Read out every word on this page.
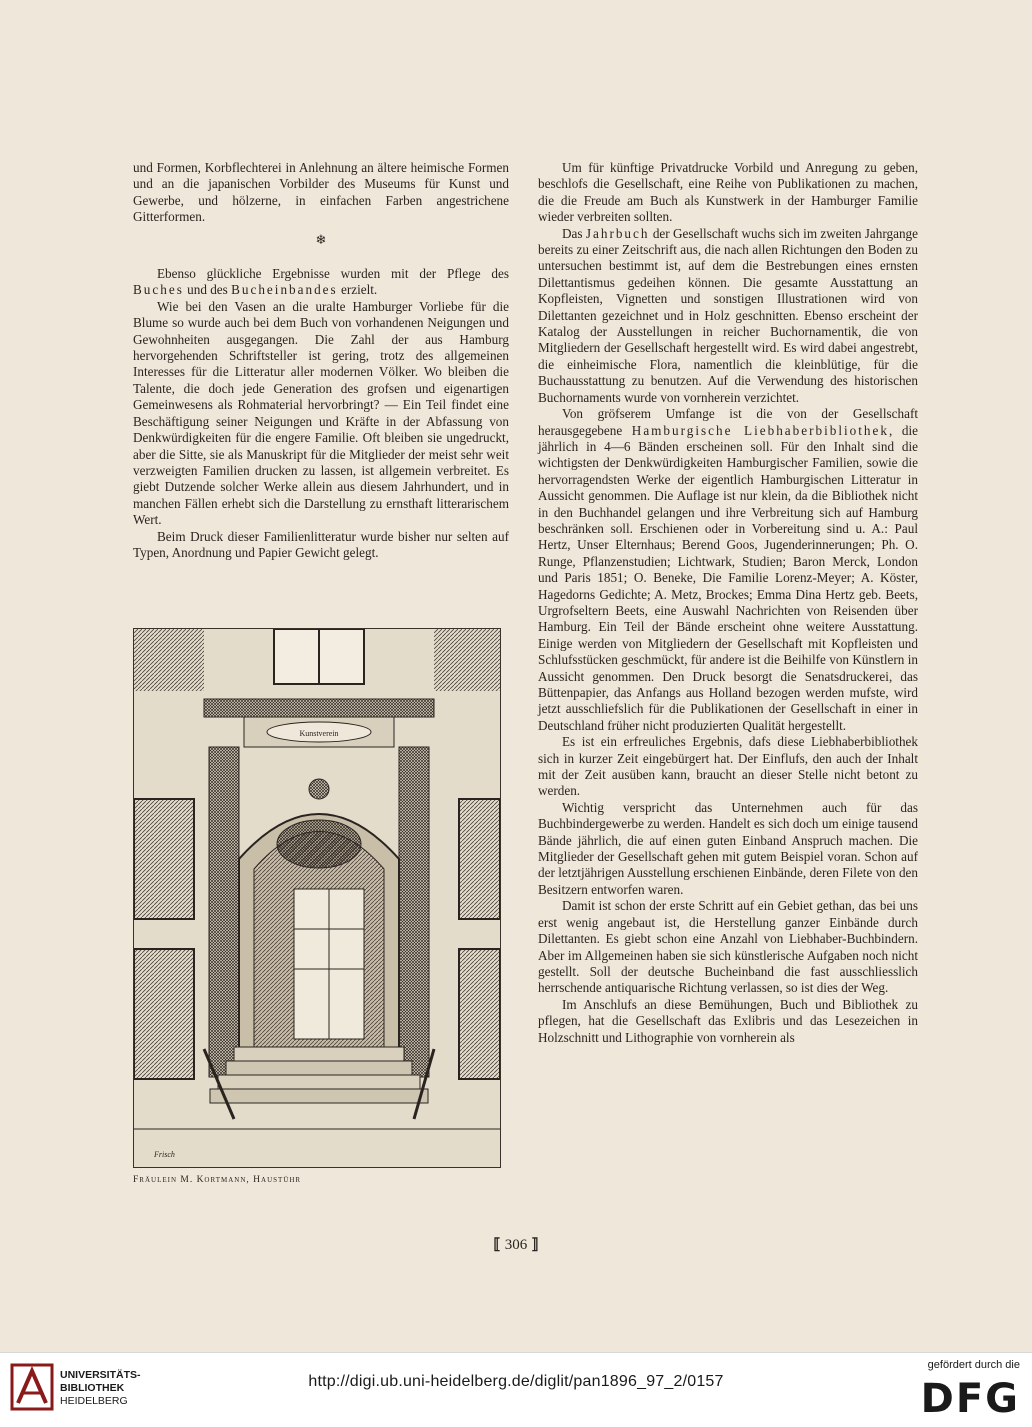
und Formen, Korbflechterei in Anlehnung an ältere heimische Formen und an die japanischen Vorbilder des Museums für Kunst und Gewerbe, und hölzerne, in einfachen Farben angestrichene Gitterformen.

❄

Ebenso glückliche Ergebnisse wurden mit der Pflege des Buches und des Bucheinbandes erzielt.

Wie bei den Vasen an die uralte Hamburger Vorliebe für die Blume so wurde auch bei dem Buch von vorhandenen Neigungen und Gewohnheiten ausgegangen. Die Zahl der aus Hamburg hervorgehenden Schriftsteller ist gering, trotz des allgemeinen Interesses für die Litteratur aller modernen Völker. Wo bleiben die Talente, die doch jede Generation des grofsen und eigenartigen Gemeinwesens als Rohmaterial hervorbringt? — Ein Teil findet eine Beschäftigung seiner Neigungen und Kräfte in der Abfassung von Denkwürdigkeiten für die engere Familie. Oft bleiben sie ungedruckt, aber die Sitte, sie als Manuskript für die Mitglieder der meist sehr weit verzweigten Familien drucken zu lassen, ist allgemein verbreitet. Es giebt Dutzende solcher Werke allein aus diesem Jahrhundert, und in manchen Fällen erhebt sich die Darstellung zu ernsthaft litterarischem Wert.

Beim Druck dieser Familienlitteratur wurde bisher nur selten auf Typen, Anordnung und Papier Gewicht gelegt.

Kunstverein
Frisch
Fräulein M. Kortmann, Haustühr

Um für künftige Privatdrucke Vorbild und Anregung zu geben, beschlofs die Gesellschaft, eine Reihe von Publikationen zu machen, die die Freude am Buch als Kunstwerk in der Hamburger Familie wieder verbreiten sollten.

Das Jahrbuch der Gesellschaft wuchs sich im zweiten Jahrgange bereits zu einer Zeitschrift aus, die nach allen Richtungen den Boden zu untersuchen bestimmt ist, auf dem die Bestrebungen eines ernsten Dilettantismus gedeihen können. Die gesamte Ausstattung an Kopfleisten, Vignetten und sonstigen Illustrationen wird von Dilettanten gezeichnet und in Holz geschnitten. Ebenso erscheint der Katalog der Ausstellungen in reicher Buchornamentik, die von Mitgliedern der Gesellschaft hergestellt wird. Es wird dabei angestrebt, die einheimische Flora, namentlich die kleinblütige, für die Buchausstattung zu benutzen. Auf die Verwendung des historischen Buchornaments wurde von vornherein verzichtet.

Von gröfserem Umfange ist die von der Gesellschaft herausgegebene Hamburgische Liebhaberbibliothek, die jährlich in 4—6 Bänden erscheinen soll. Für den Inhalt sind die wichtigsten der Denkwürdigkeiten Hamburgischer Familien, sowie die hervorragendsten Werke der eigentlich Hamburgischen Litteratur in Aussicht genommen. Die Auflage ist nur klein, da die Bibliothek nicht in den Buchhandel gelangen und ihre Verbreitung sich auf Hamburg beschränken soll. Erschienen oder in Vorbereitung sind u. A.: Paul Hertz, Unser Elternhaus; Berend Goos, Jugenderinnerungen; Ph. O. Runge, Pflanzenstudien; Lichtwark, Studien; Baron Merck, London und Paris 1851; O. Beneke, Die Familie Lorenz-Meyer; A. Köster, Hagedorns Gedichte; A. Metz, Brockes; Emma Dina Hertz geb. Beets, Urgrofseltern Beets, eine Auswahl Nachrichten von Reisenden über Hamburg. Ein Teil der Bände erscheint ohne weitere Ausstattung. Einige werden von Mitgliedern der Gesellschaft mit Kopfleisten und Schlufsstücken geschmückt, für andere ist die Beihilfe von Künstlern in Aussicht genommen. Den Druck besorgt die Senatsdruckerei, das Büttenpapier, das Anfangs aus Holland bezogen werden mufste, wird jetzt ausschliefslich für die Publikationen der Gesellschaft in einer in Deutschland früher nicht produzierten Qualität hergestellt.

Es ist ein erfreuliches Ergebnis, dafs diese Liebhaberbibliothek sich in kurzer Zeit eingebürgert hat. Der Einflufs, den auch der Inhalt mit der Zeit ausüben kann, braucht an dieser Stelle nicht betont zu werden.

Wichtig verspricht das Unternehmen auch für das Buchbindergewerbe zu werden. Handelt es sich doch um einige tausend Bände jährlich, die auf einen guten Einband Anspruch machen. Die Mitglieder der Gesellschaft gehen mit gutem Beispiel voran. Schon auf der letztjährigen Ausstellung erschienen Einbände, deren Filete von den Besitzern entworfen waren.

Damit ist schon der erste Schritt auf ein Gebiet gethan, das bei uns erst wenig angebaut ist, die Herstellung ganzer Einbände durch Dilettanten. Es giebt schon eine Anzahl von Liebhaber-Buchbindern. Aber im Allgemeinen haben sie sich künstlerische Aufgaben noch nicht gestellt. Soll der deutsche Bucheinband die fast ausschliesslich herrschende antiquarische Richtung verlassen, so ist dies der Weg.

Im Anschlufs an diese Bemühungen, Buch und Bibliothek zu pflegen, hat die Gesellschaft das Exlibris und das Lesezeichen in Holzschnitt und Lithographie von vornherein als

⟦ 306 ⟧
UNIVERSITÄTS-
BIBLIOTHEK
HEIDELBERG
http://digi.ub.uni-heidelberg.de/diglit/pan1896_97_2/0157
gefördert durch die
DFG
